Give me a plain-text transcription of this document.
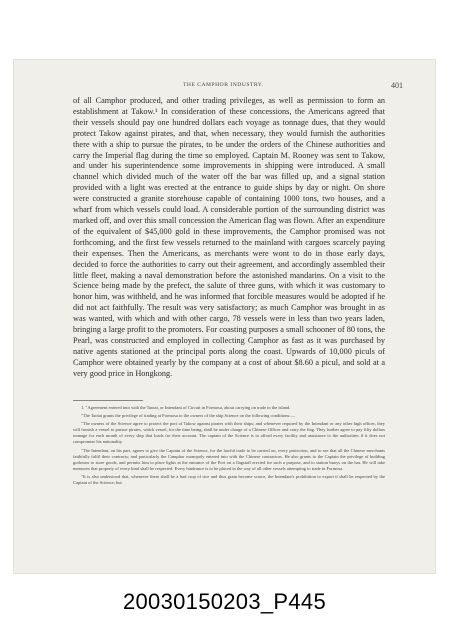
THE CAMPHOR INDUSTRY.	401

of all Camphor produced, and other trading privileges, as well as permission to form an establishment at Takow.¹ In consideration of these concessions, the Americans agreed that their vessels should pay one hundred dollars each voyage as tonnage dues, that they would protect Takow against pirates, and that, when necessary, they would furnish the authorities there with a ship to pursue the pirates, to be under the orders of the Chinese authorities and carry the Imperial flag during the time so employed. Captain M. Rooney was sent to Takow, and under his superintendence some improvements in shipping were introduced. A small channel which divided much of the water off the bar was filled up, and a signal station provided with a light was erected at the entrance to guide ships by day or night. On shore were constructed a granite storehouse capable of containing 1000 tons, two houses, and a wharf from which vessels could load. A considerable portion of the surrounding district was marked off, and over this small concession the American flag was flown. After an expenditure of the equivalent of $45,000 gold in these improvements, the Camphor promised was not forthcoming, and the first few vessels returned to the mainland with cargoes scarcely paying their expenses. Then the Americans, as merchants were wont to do in those early days, decided to force the authorities to carry out their agreement, and accordingly assembled their little fleet, making a naval demonstration before the astonished mandarins. On a visit to the Science being made by the prefect, the salute of three guns, with which it was customary to honor him, was withheld, and he was informed that forcible measures would be adopted if he did not act faithfully. The result was very satisfactory; as much Camphor was brought in as was wanted, with which and with other cargo, 78 vessels were in less than two years laden, bringing a large profit to the promoters. For coasting purposes a small schooner of 80 tons, the Pearl, was constructed and employed in collecting Camphor as fast as it was purchased by native agents stationed at the principal ports along the coast. Upwards of 10,000 piculs of Camphor were obtained yearly by the company at a cost of about $8.60 a picul, and sold at a very good price in Hongkong.

1. "Agreement entered into with the Taotai, or Intendant of Circuit in Formosa, about carrying on trade in the island.

"The Taotai grants the privilege of trading at Formosa to the owners of the ship Science on the following conditions:—

"The owners of the Science agree to protect the port of Takow against pirates with their ships; and whenever required by the Intendant or any other high officer, they will furnish a vessel to pursue pirates, which vessel, for the time being, shall be under charge of a Chinese Officer and carry the flag. They further agree to pay fifty dollars tonnage for each month of every ship that loads for their account. The captain of the Science is to afford every facility and assistance to the authorities if it does not compromise his nationality.

"The Intendant, on his part, agrees to give the Captain of the Science, for the lawful trade to be carried on, every protection, and to see that all the Chinese merchants faithfully fulfil their contracts; and particularly the Camphor monopoly entered into with the Chinese contractors. He also grants to the Captain the privilege of building godowns to store goods, and permits him to place lights at the entrance of the Port on a flagstaff erected for such a purpose, and to station buoys on the bar. He will take measures that property of every kind shall be respected. Every hindrance is to be placed in the way of all other vessels attempting to trade in Formosa.

"It is also understood that, whenever there shall be a bad crop of rice and thus grain become scarce, the Intendant's prohibition to export it shall be respected by the Captain of the Science; but

20030150203_P445
